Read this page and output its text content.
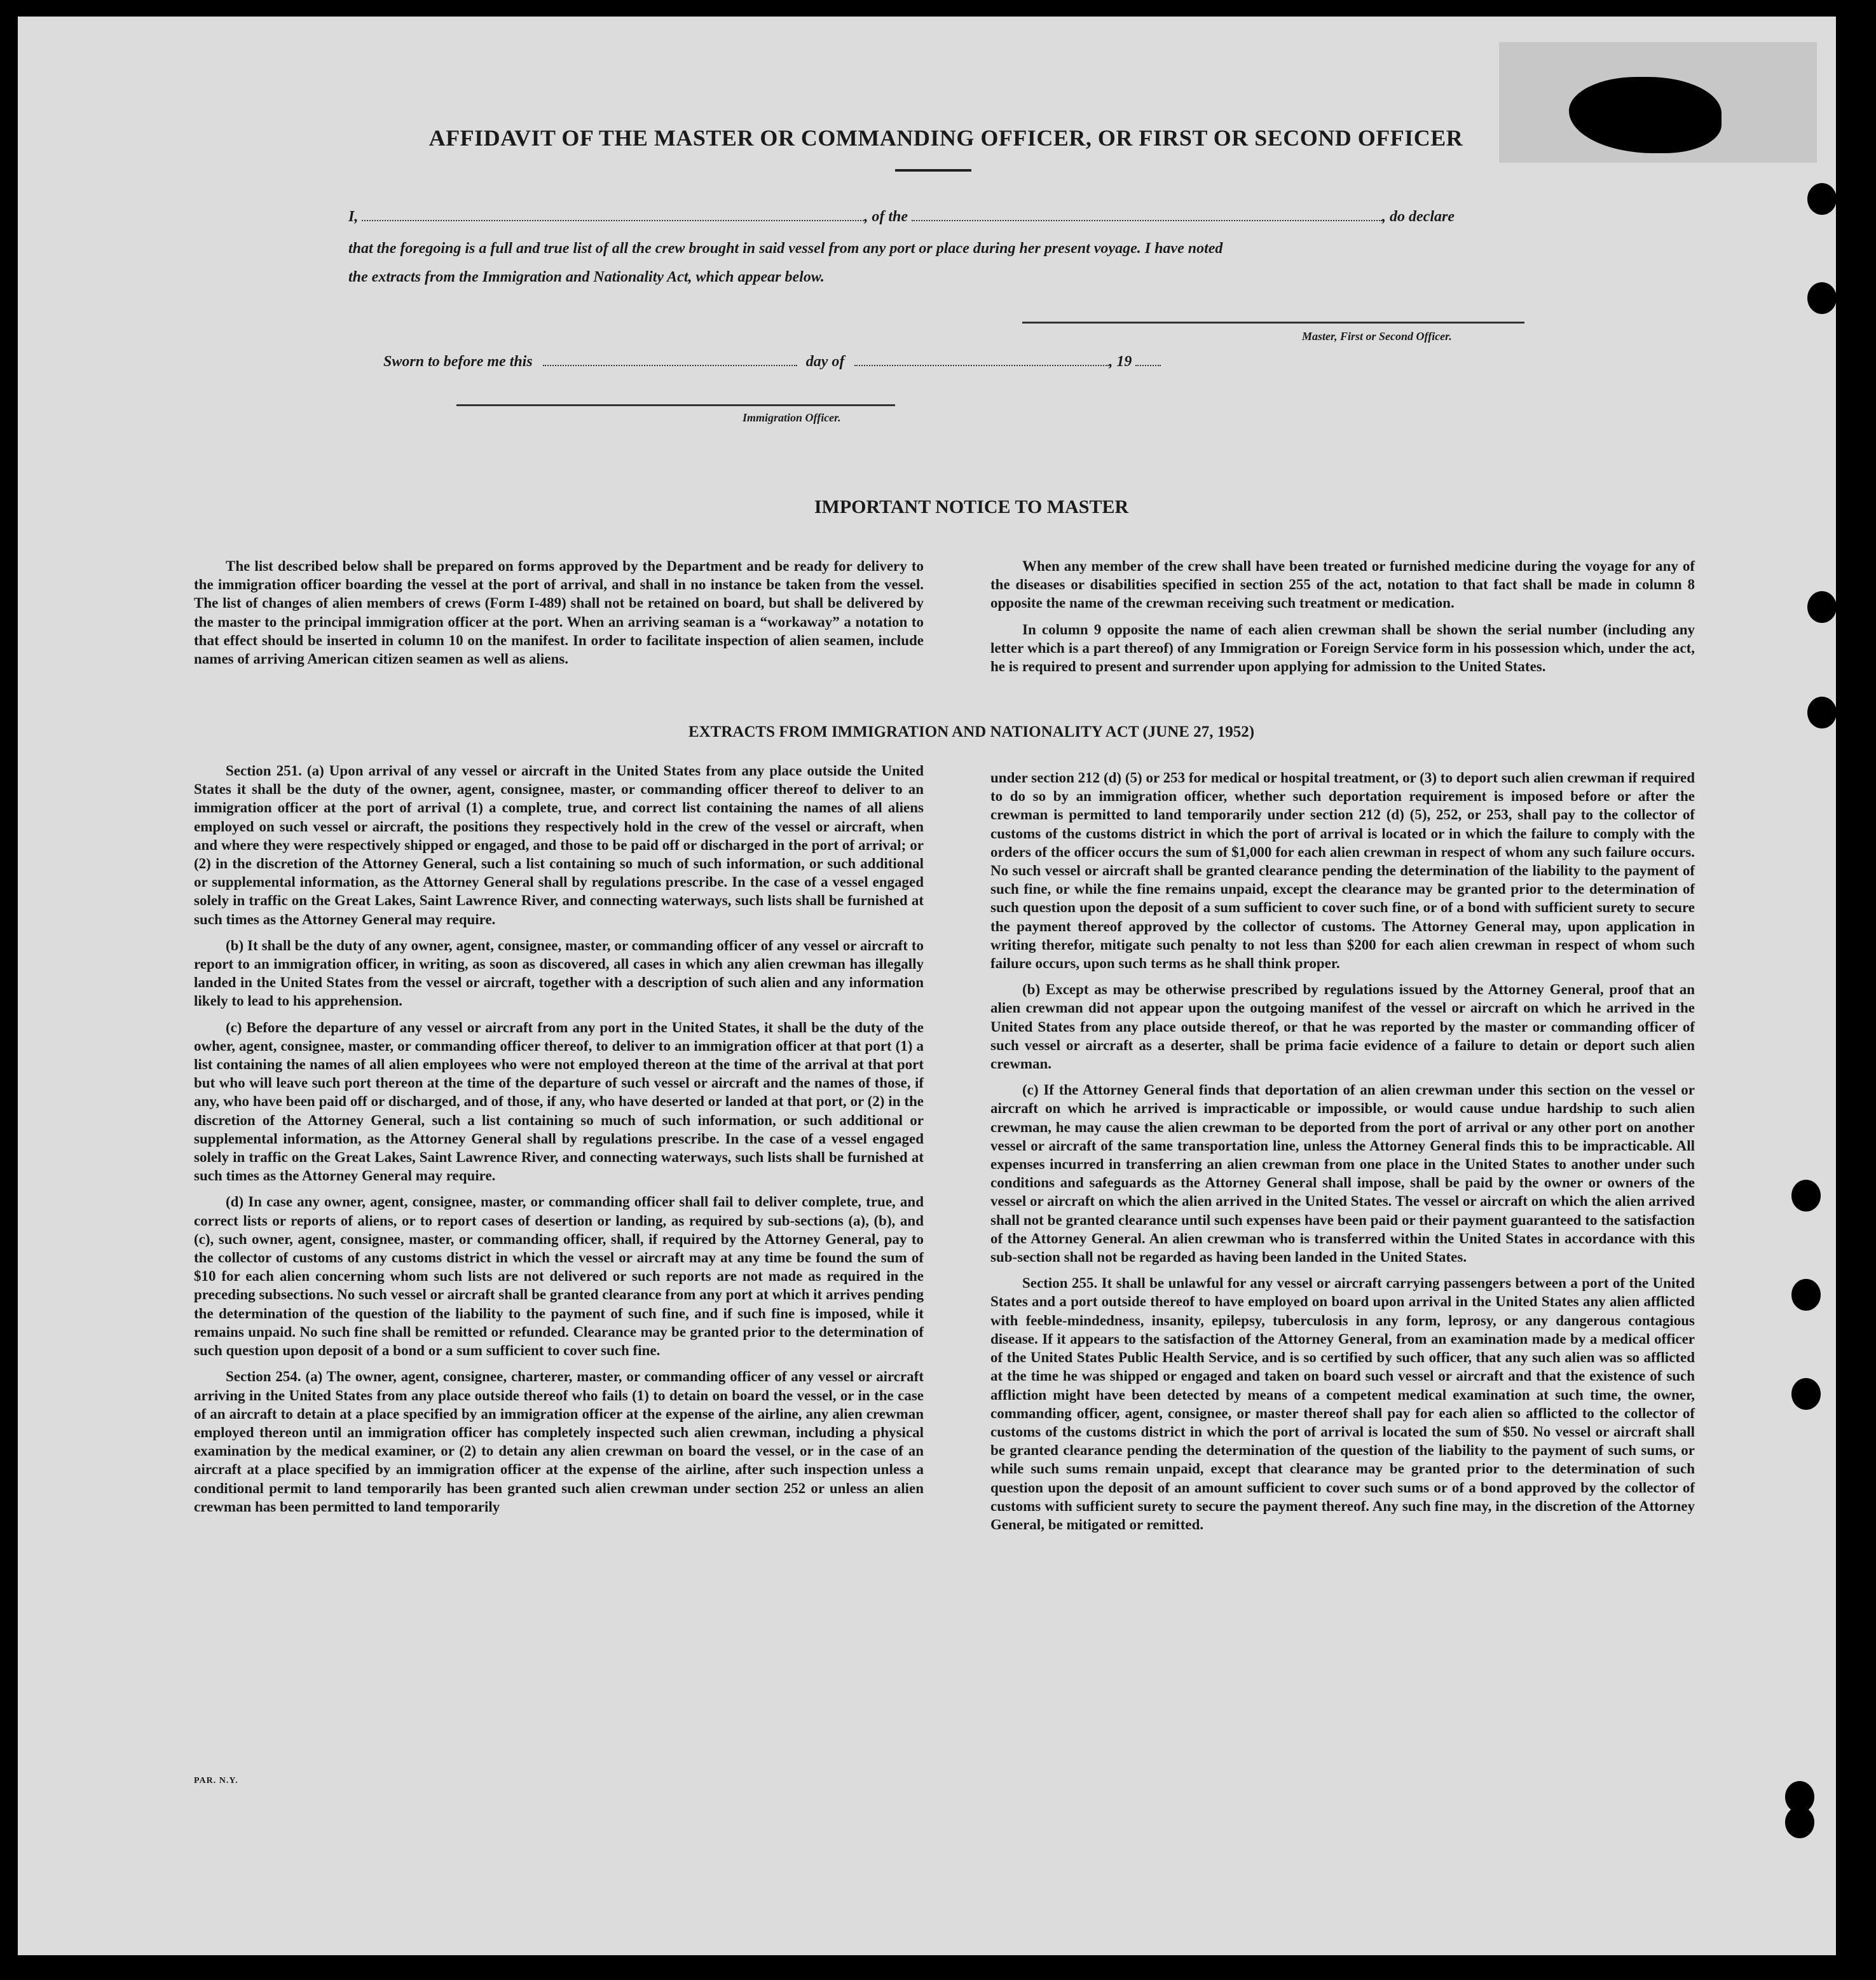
AFFIDAVIT OF THE MASTER OR COMMANDING OFFICER, OR FIRST OR SECOND OFFICER
I,	, of the	, do declare
that the foregoing is a full and true list of all the crew brought in said vessel from any port or place during her present voyage. I have noted
the extracts from the Immigration and Nationality Act, which appear below.
Master, First or Second Officer.
Sworn to before me this	day of	, 19
Immigration Officer.
IMPORTANT NOTICE TO MASTER

The list described below shall be prepared on forms approved by the Department and be ready for delivery to the immigration officer boarding the vessel at the port of arrival, and shall in no instance be taken from the vessel. The list of changes of alien members of crews (Form I-489) shall not be retained on board, but shall be delivered by the master to the principal immigration officer at the port. When an arriving seaman is a “workaway” a notation to that effect should be inserted in column 10 on the manifest. In order to facilitate inspection of alien seamen, include names of arriving American citizen seamen as well as aliens.

When any member of the crew shall have been treated or furnished medicine during the voyage for any of the diseases or disabilities specified in section 255 of the act, notation to that fact shall be made in column 8 opposite the name of the crewman receiving such treatment or medication.

In column 9 opposite the name of each alien crewman shall be shown the serial number (including any letter which is a part thereof) of any Immigration or Foreign Service form in his possession which, under the act, he is required to present and surrender upon applying for admission to the United States.

EXTRACTS FROM IMMIGRATION AND NATIONALITY ACT (JUNE 27, 1952)

Section 251. (a) Upon arrival of any vessel or aircraft in the United States from any place outside the United States it shall be the duty of the owner, agent, consignee, master, or commanding officer thereof to deliver to an immigration officer at the port of arrival (1) a complete, true, and correct list containing the names of all aliens employed on such vessel or aircraft, the positions they respectively hold in the crew of the vessel or aircraft, when and where they were respectively shipped or engaged, and those to be paid off or discharged in the port of arrival; or (2) in the discretion of the Attorney General, such a list containing so much of such information, or such additional or supplemental information, as the Attorney General shall by regulations prescribe. In the case of a vessel engaged solely in traffic on the Great Lakes, Saint Lawrence River, and connecting waterways, such lists shall be furnished at such times as the Attorney General may require.

(b) It shall be the duty of any owner, agent, consignee, master, or commanding officer of any vessel or aircraft to report to an immigration officer, in writing, as soon as discovered, all cases in which any alien crewman has illegally landed in the United States from the vessel or aircraft, together with a description of such alien and any information likely to lead to his apprehension.

(c) Before the departure of any vessel or aircraft from any port in the United States, it shall be the duty of the owher, agent, consignee, master, or commanding officer thereof, to deliver to an immigration officer at that port (1) a list containing the names of all alien employees who were not employed thereon at the time of the arrival at that port but who will leave such port thereon at the time of the departure of such vessel or aircraft and the names of those, if any, who have been paid off or discharged, and of those, if any, who have deserted or landed at that port, or (2) in the discretion of the Attorney General, such a list containing so much of such information, or such additional or supplemental information, as the Attorney General shall by regulations prescribe. In the case of a vessel engaged solely in traffic on the Great Lakes, Saint Lawrence River, and connecting waterways, such lists shall be furnished at such times as the Attorney General may require.

(d) In case any owner, agent, consignee, master, or commanding officer shall fail to deliver complete, true, and correct lists or reports of aliens, or to report cases of desertion or landing, as required by sub-sections (a), (b), and (c), such owner, agent, consignee, master, or commanding officer, shall, if required by the Attorney General, pay to the collector of customs of any customs district in which the vessel or aircraft may at any time be found the sum of $10 for each alien concerning whom such lists are not delivered or such reports are not made as required in the preceding subsections. No such vessel or aircraft shall be granted clearance from any port at which it arrives pending the determination of the question of the liability to the payment of such fine, and if such fine is imposed, while it remains unpaid. No such fine shall be remitted or refunded. Clearance may be granted prior to the determination of such question upon deposit of a bond or a sum sufficient to cover such fine.

Section 254. (a) The owner, agent, consignee, charterer, master, or commanding officer of any vessel or aircraft arriving in the United States from any place outside thereof who fails (1) to detain on board the vessel, or in the case of an aircraft to detain at a place specified by an immigration officer at the expense of the airline, any alien crewman employed thereon until an immigration officer has completely inspected such alien crewman, including a physical examination by the medical examiner, or (2) to detain any alien crewman on board the vessel, or in the case of an aircraft at a place specified by an immigration officer at the expense of the airline, after such inspection unless a conditional permit to land temporarily has been granted such alien crewman under section 252 or unless an alien crewman has been permitted to land temporarily

under section 212 (d) (5) or 253 for medical or hospital treatment, or (3) to deport such alien crewman if required to do so by an immigration officer, whether such deportation requirement is imposed before or after the crewman is permitted to land temporarily under section 212 (d) (5), 252, or 253, shall pay to the collector of customs of the customs district in which the port of arrival is located or in which the failure to comply with the orders of the officer occurs the sum of $1,000 for each alien crewman in respect of whom any such failure occurs. No such vessel or aircraft shall be granted clearance pending the determination of the liability to the payment of such fine, or while the fine remains unpaid, except the clearance may be granted prior to the determination of such question upon the deposit of a sum sufficient to cover such fine, or of a bond with sufficient surety to secure the payment thereof approved by the collector of customs. The Attorney General may, upon application in writing therefor, mitigate such penalty to not less than $200 for each alien crewman in respect of whom such failure occurs, upon such terms as he shall think proper.

(b) Except as may be otherwise prescribed by regulations issued by the Attorney General, proof that an alien crewman did not appear upon the outgoing manifest of the vessel or aircraft on which he arrived in the United States from any place outside thereof, or that he was reported by the master or commanding officer of such vessel or aircraft as a deserter, shall be prima facie evidence of a failure to detain or deport such alien crewman.

(c) If the Attorney General finds that deportation of an alien crewman under this section on the vessel or aircraft on which he arrived is impracticable or impossible, or would cause undue hardship to such alien crewman, he may cause the alien crewman to be deported from the port of arrival or any other port on another vessel or aircraft of the same transportation line, unless the Attorney General finds this to be impracticable. All expenses incurred in transferring an alien crewman from one place in the United States to another under such conditions and safeguards as the Attorney General shall impose, shall be paid by the owner or owners of the vessel or aircraft on which the alien arrived in the United States. The vessel or aircraft on which the alien arrived shall not be granted clearance until such expenses have been paid or their payment guaranteed to the satisfaction of the Attorney General. An alien crewman who is transferred within the United States in accordance with this sub-section shall not be regarded as having been landed in the United States.

Section 255. It shall be unlawful for any vessel or aircraft carrying passengers between a port of the United States and a port outside thereof to have employed on board upon arrival in the United States any alien afflicted with feeble-mindedness, insanity, epilepsy, tuberculosis in any form, leprosy, or any dangerous contagious disease. If it appears to the satisfaction of the Attorney General, from an examination made by a medical officer of the United States Public Health Service, and is so certified by such officer, that any such alien was so afflicted at the time he was shipped or engaged and taken on board such vessel or aircraft and that the existence of such affliction might have been detected by means of a competent medical examination at such time, the owner, commanding officer, agent, consignee, or master thereof shall pay for each alien so afflicted to the collector of customs of the customs district in which the port of arrival is located the sum of $50. No vessel or aircraft shall be granted clearance pending the determination of the question of the liability to the payment of such sums, or while such sums remain unpaid, except that clearance may be granted prior to the determination of such question upon the deposit of an amount sufficient to cover such sums or of a bond approved by the collector of customs with sufficient surety to secure the payment thereof. Any such fine may, in the discretion of the Attorney General, be mitigated or remitted.

PAR. N.Y.
